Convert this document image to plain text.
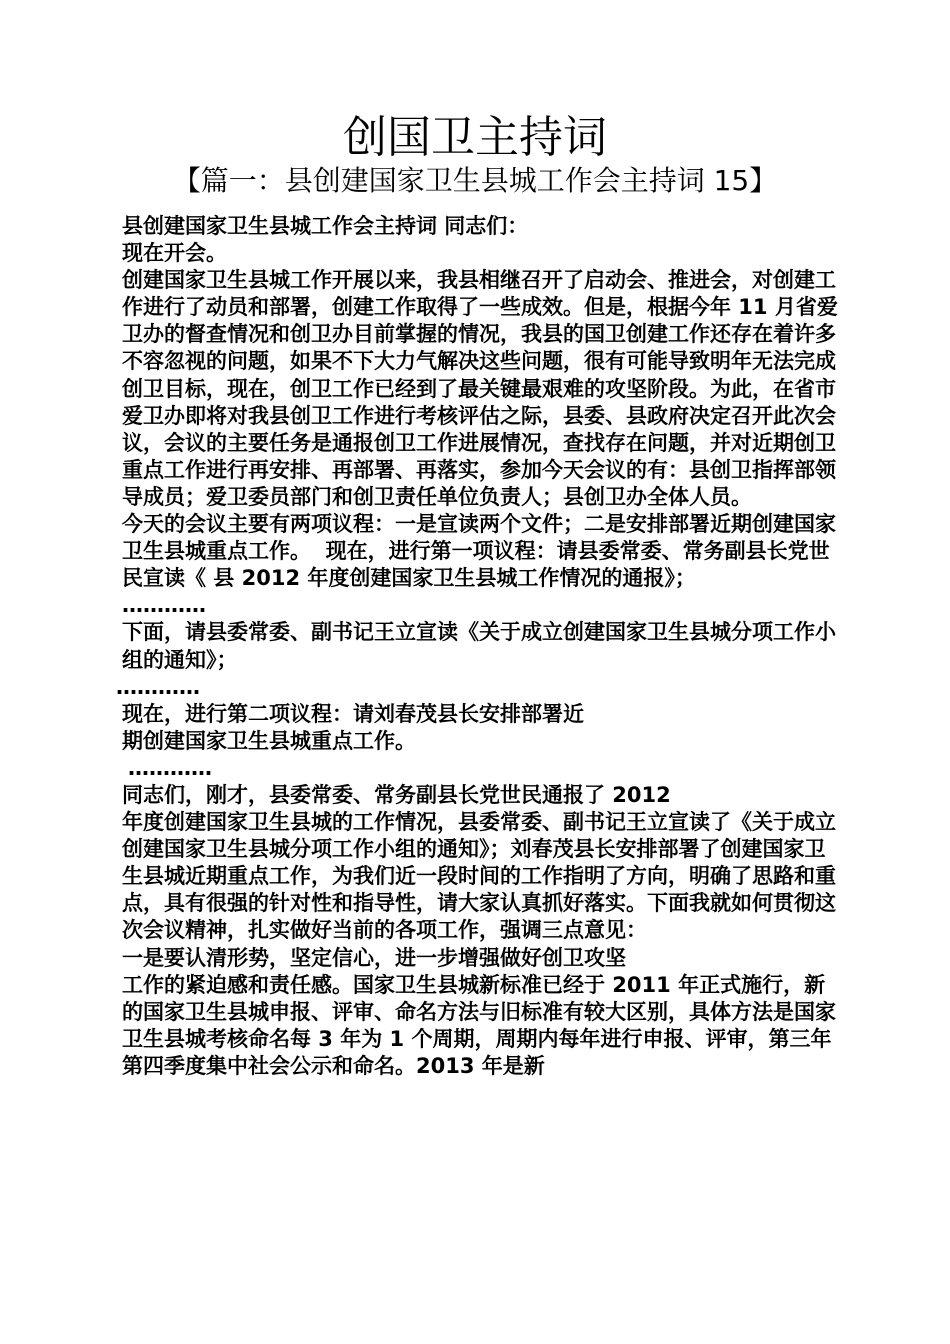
创国卫主持词
【篇一：县创建国家卫生县城工作会主持词 15】

县创建国家卫生县城工作会主持词 同志们：

现在开会。

创建国家卫生县城工作开展以来，我县相继召开了启动会、推进会，对创建工作进行了动员和部署，创建工作取得了一些成效。但是，根据今年 11 月省爱卫办的督查情况和创卫办目前掌握的情况，我县的国卫创建工作还存在着许多不容忽视的问题，如果不下大力气解决这些问题，很有可能导致明年无法完成创卫目标，现在，创卫工作已经到了最关键最艰难的攻坚阶段。为此，在省市爱卫办即将对我县创卫工作进行考核评估之际，县委、县政府决定召开此次会议，会议的主要任务是通报创卫工作进展情况，查找存在问题，并对近期创卫重点工作进行再安排、再部署、再落实，参加今天会议的有：县创卫指挥部领导成员；爱卫委员部门和创卫责任单位负责人；县创卫办全体人员。

今天的会议主要有两项议程：一是宣读两个文件；二是安排部署近期创建国家卫生县城重点工作。  现在，进行第一项议程：请县委常委、常务副县长党世民宣读《 县 2012 年度创建国家卫生县城工作情况的通报》；

…………

下面，请县委常委、副书记王立宣读《关于成立创建国家卫生县城分项工作小组的通知》；

…………

现在，进行第二项议程：请刘春茂县长安排部署近

期创建国家卫生县城重点工作。

…………

同志们，刚才，县委常委、常务副县长党世民通报了 2012

年度创建国家卫生县城的工作情况，县委常委、副书记王立宣读了《关于成立创建国家卫生县城分项工作小组的通知》；刘春茂县长安排部署了创建国家卫生县城近期重点工作，为我们近一段时间的工作指明了方向，明确了思路和重点，具有很强的针对性和指导性，请大家认真抓好落实。下面我就如何贯彻这次会议精神，扎实做好当前的各项工作，强调三点意见：

一是要认清形势，坚定信心，进一步增强做好创卫攻坚

工作的紧迫感和责任感。国家卫生县城新标准已经于 2011 年正式施行，新的国家卫生县城申报、评审、命名方法与旧标准有较大区别，具体方法是国家卫生县城考核命名每 3 年为 1 个周期，周期内每年进行申报、评审，第三年第四季度集中社会公示和命名。2013 年是新
